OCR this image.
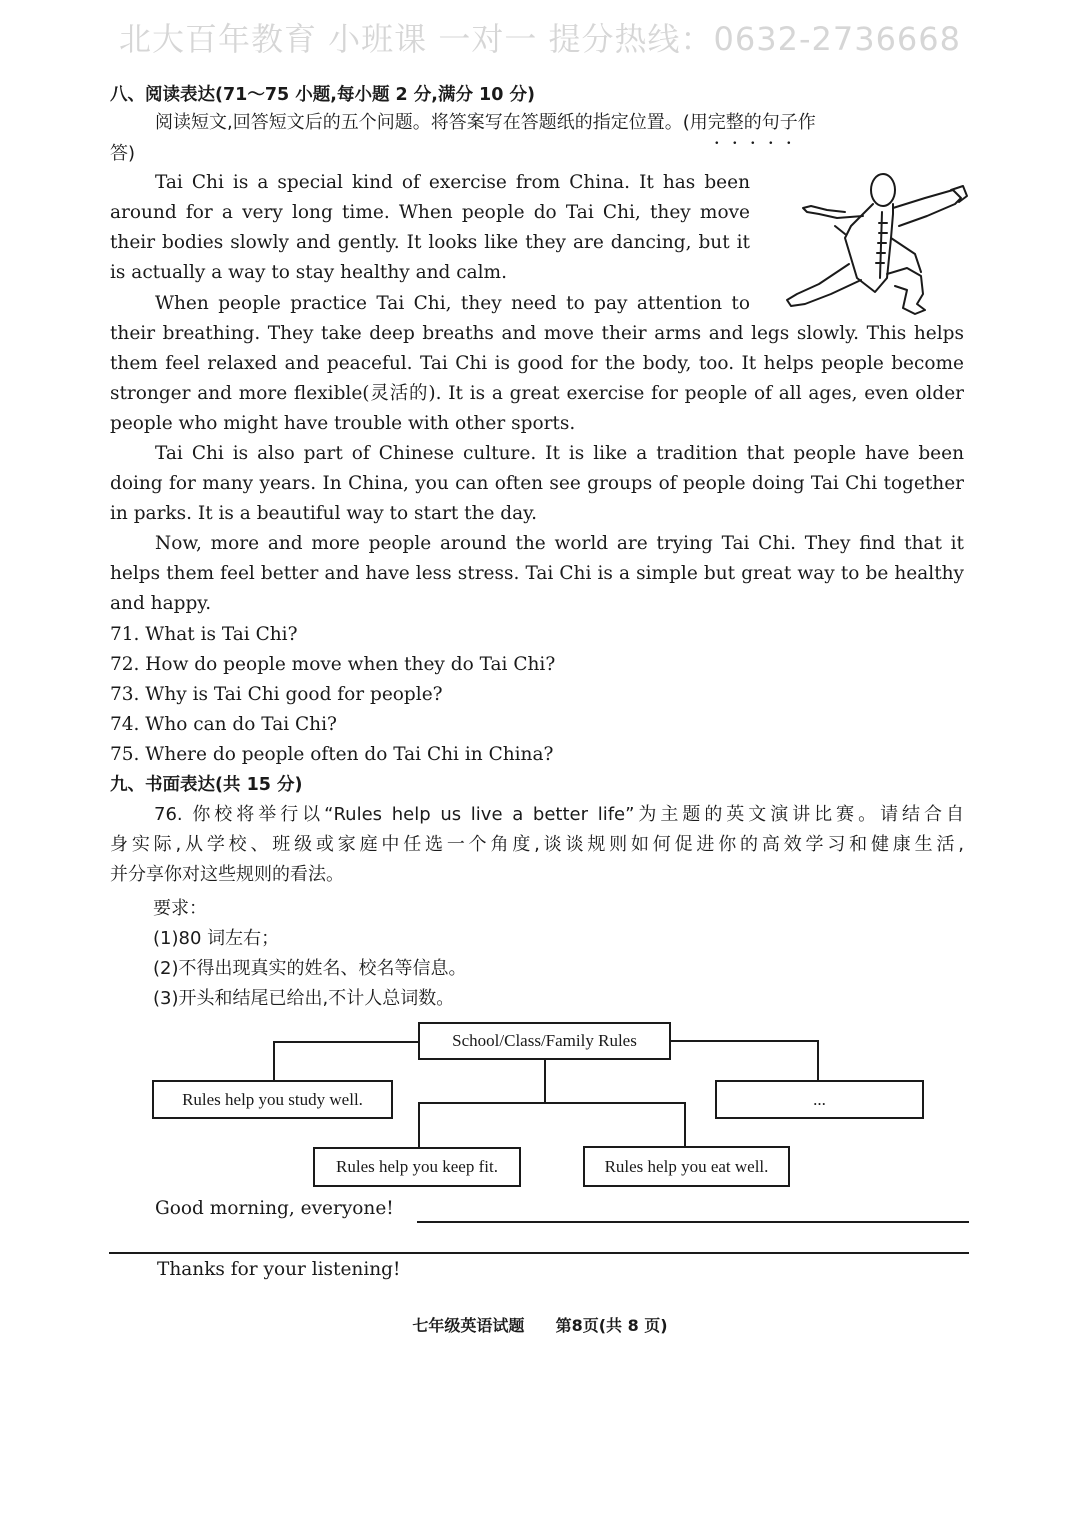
北大百年教育 小班课 一对一 提分热线：0632-2736668
八、阅读表达(71～75 小题,每小题 2 分,满分 10 分)
阅读短文,回答短文后的五个问题。将答案写在答题纸的指定位置。(用完整的句子作
答)
Tai Chi is a special kind of exercise from China. It has been
around for a very long time. When people do Tai Chi, they move
their bodies slowly and gently. It looks like they are dancing, but it
is actually a way to stay healthy and calm.
When people practice Tai Chi, they need to pay attention to
their breathing. They take deep breaths and move their arms and legs slowly. This helps
them feel relaxed and peaceful. Tai Chi is good for the body, too. It helps people become
stronger and more flexible(灵活的). It is a great exercise for people of all ages, even older
people who might have trouble with other sports.
Tai Chi is also part of Chinese culture. It is like a tradition that people have been
doing for many years. In China, you can often see groups of people doing Tai Chi together
in parks. It is a beautiful way to start the day.
Now, more and more people around the world are trying Tai Chi. They find that it
helps them feel better and have less stress. Tai Chi is a simple but great way to be healthy
and happy.
71. What is Tai Chi?
72. How do people move when they do Tai Chi?
73. Why is Tai Chi good for people?
74. Who can do Tai Chi?
75. Where do people often do Tai Chi in China?
九、书面表达(共 15 分)
76. 你校将举行以“Rules help us live a better life”为主题的英文演讲比赛。请结合自
身实际,从学校、班级或家庭中任选一个角度,谈谈规则如何促进你的高效学习和健康生活,
并分享你对这些规则的看法。
要求：
(1)80 词左右；
(2)不得出现真实的姓名、校名等信息。
(3)开头和结尾已给出,不计人总词数。
School/Class/Family Rules
Rules help you study well.	...
Rules help you keep fit.	Rules help you eat well.
Good morning, everyone!
Thanks for your listening!
七年级英语试题 第8页(共 8 页)
